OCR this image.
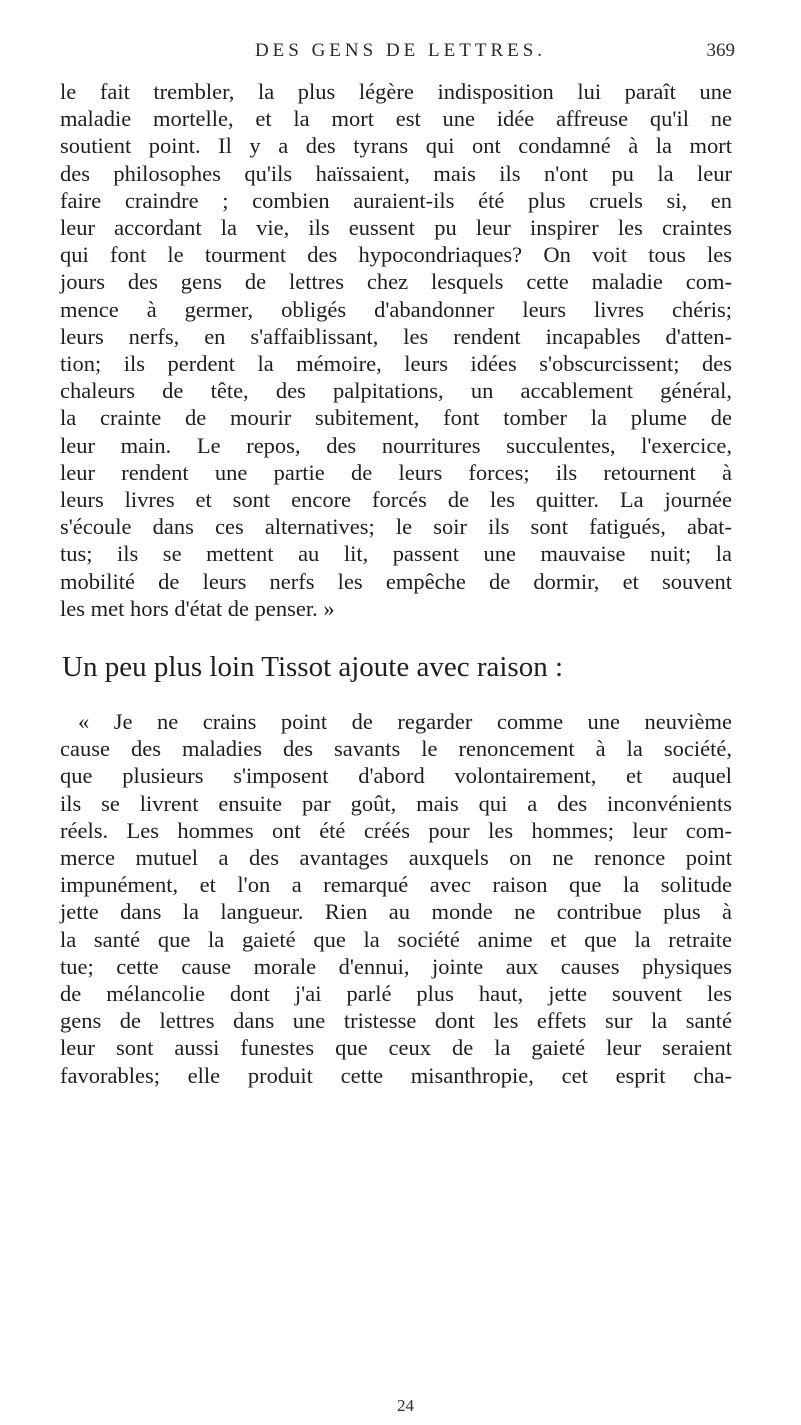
DES GENS DE LETTRES.	369
le fait trembler, la plus légère indisposition lui paraît une
maladie mortelle, et la mort est une idée affreuse qu'il ne
soutient point. Il y a des tyrans qui ont condamné à la mort
des philosophes qu'ils haïssaient, mais ils n'ont pu la leur
faire craindre ; combien auraient-ils été plus cruels si, en
leur accordant la vie, ils eussent pu leur inspirer les craintes
qui font le tourment des hypocondriaques? On voit tous les
jours des gens de lettres chez lesquels cette maladie com-
mence à germer, obligés d'abandonner leurs livres chéris;
leurs nerfs, en s'affaiblissant, les rendent incapables d'atten-
tion; ils perdent la mémoire, leurs idées s'obscurcissent; des
chaleurs de tête, des palpitations, un accablement général,
la crainte de mourir subitement, font tomber la plume de
leur main. Le repos, des nourritures succulentes, l'exercice,
leur rendent une partie de leurs forces; ils retournent à
leurs livres et sont encore forcés de les quitter. La journée
s'écoule dans ces alternatives; le soir ils sont fatigués, abat-
tus; ils se mettent au lit, passent une mauvaise nuit; la
mobilité de leurs nerfs les empêche de dormir, et souvent
les met hors d'état de penser. »
Un peu plus loin Tissot ajoute avec raison :
« Je ne crains point de regarder comme une neuvième
cause des maladies des savants le renoncement à la société,
que plusieurs s'imposent d'abord volontairement, et auquel
ils se livrent ensuite par goût, mais qui a des inconvénients
réels. Les hommes ont été créés pour les hommes; leur com-
merce mutuel a des avantages auxquels on ne renonce point
impunément, et l'on a remarqué avec raison que la solitude
jette dans la langueur. Rien au monde ne contribue plus à
la santé que la gaieté que la société anime et que la retraite
tue; cette cause morale d'ennui, jointe aux causes physiques
de mélancolie dont j'ai parlé plus haut, jette souvent les
gens de lettres dans une tristesse dont les effets sur la santé
leur sont aussi funestes que ceux de la gaieté leur seraient
favorables; elle produit cette misanthropie, cet esprit cha-
24
